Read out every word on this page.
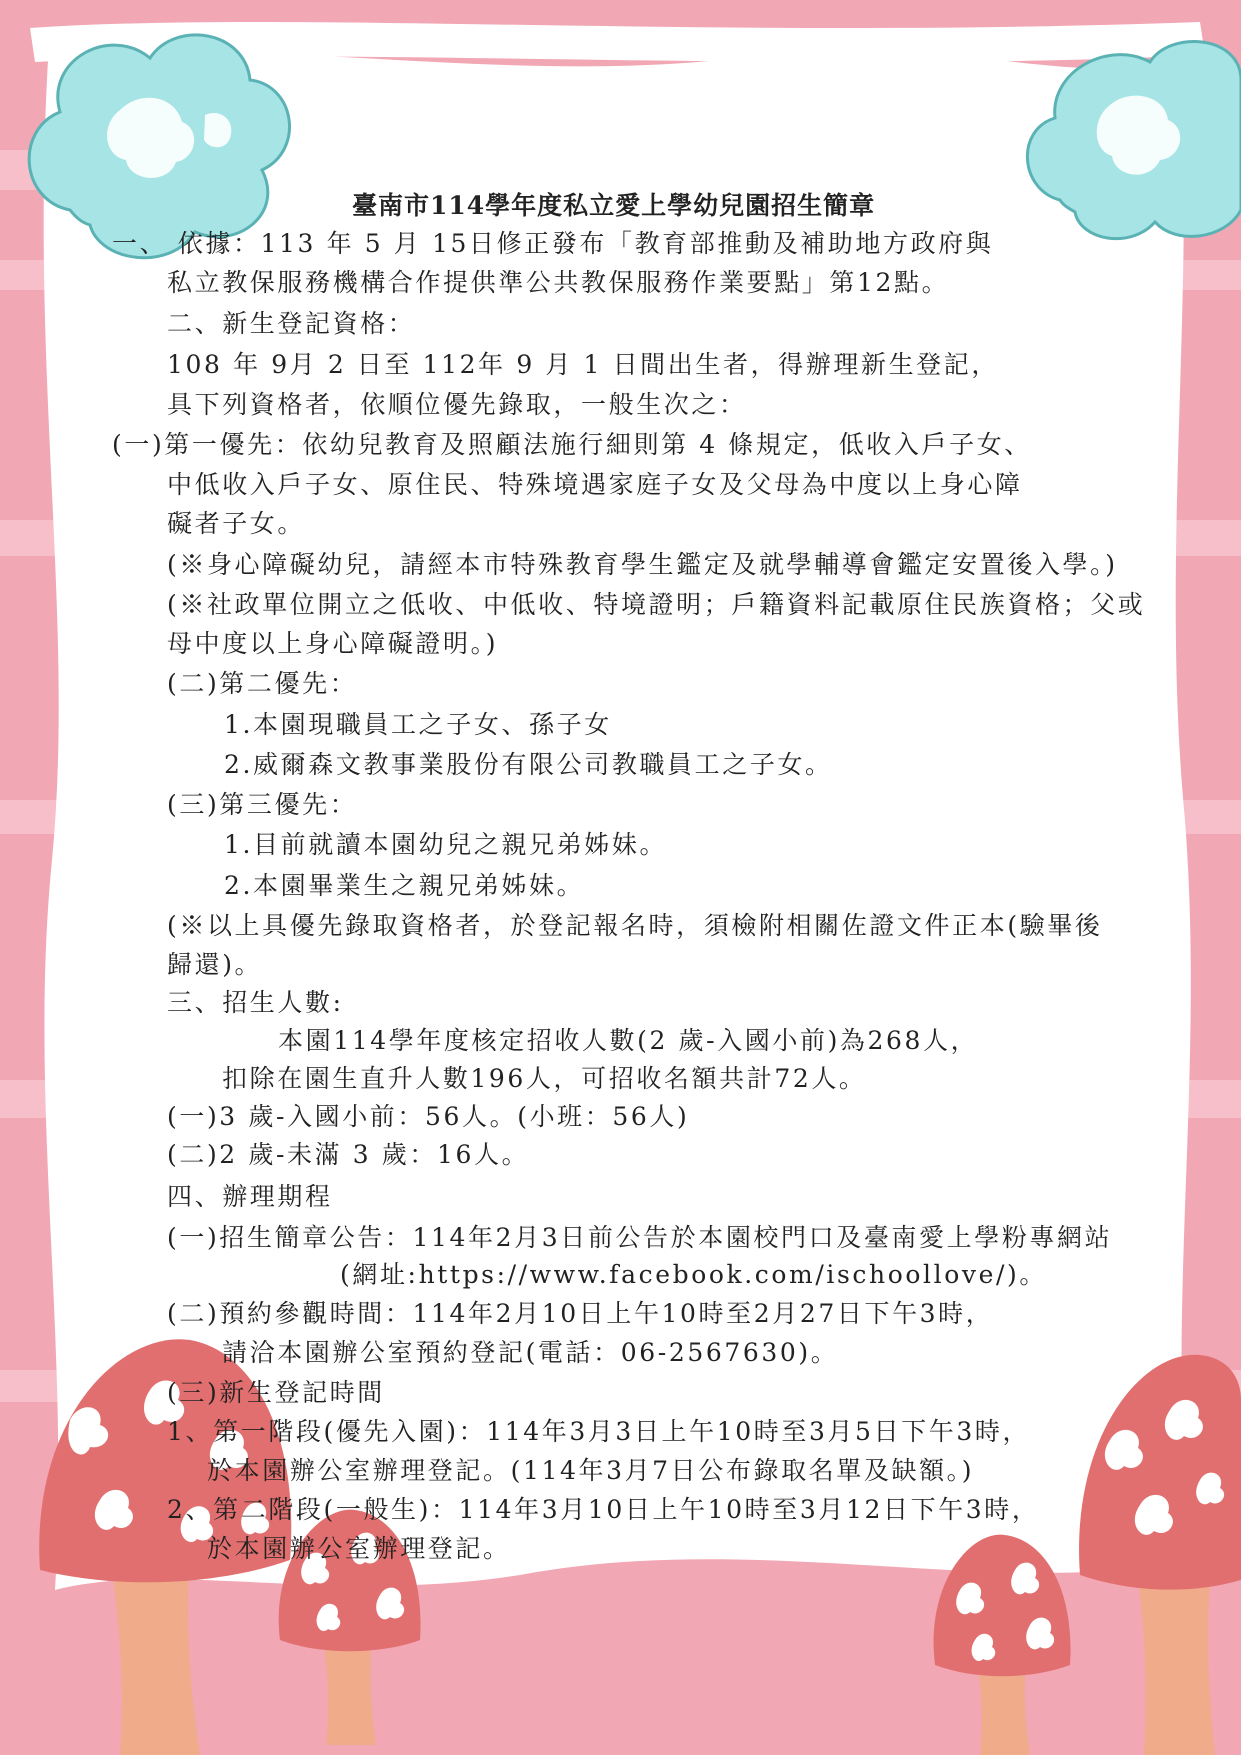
臺南市114學年度私立愛上學幼兒園招生簡章
一、 依據：113 年 5 月 15日修正發布「教育部推動及補助地方政府與
私立教保服務機構合作提供準公共教保服務作業要點」第12點。
二、新生登記資格：
108 年 9月 2 日至 112年 9 月 1 日間出生者，得辦理新生登記，
具下列資格者，依順位優先錄取，一般生次之：
(一)第一優先：依幼兒教育及照顧法施行細則第 4 條規定，低收入戶子女、
中低收入戶子女、原住民、特殊境遇家庭子女及父母為中度以上身心障
礙者子女。
(※身心障礙幼兒，請經本市特殊教育學生鑑定及就學輔導會鑑定安置後入學。)
(※社政單位開立之低收、中低收、特境證明；戶籍資料記載原住民族資格；父或
母中度以上身心障礙證明。)
(二)第二優先：
1.本園現職員工之子女、孫子女
2.威爾森文教事業股份有限公司教職員工之子女。
(三)第三優先：
1.目前就讀本園幼兒之親兄弟姊妹。
2.本園畢業生之親兄弟姊妹。
(※以上具優先錄取資格者，於登記報名時，須檢附相關佐證文件正本(驗畢後
歸還)。
三、招生人數:
本園114學年度核定招收人數(2 歲-入國小前)為268人，
扣除在園生直升人數196人，可招收名額共計72人。
(一)3 歲-入國小前：56人。(小班：56人)
(二)2 歲-未滿 3 歲：16人。
四、辦理期程
(一)招生簡章公告：114年2月3日前公告於本園校門口及臺南愛上學粉專網站
(網址:https://www.facebook.com/ischoollove/)。
(二)預約參觀時間：114年2月10日上午10時至2月27日下午3時，
請洽本園辦公室預約登記(電話：06-2567630)。
(三)新生登記時間
1、第一階段(優先入園)：114年3月3日上午10時至3月5日下午3時，
於本園辦公室辦理登記。(114年3月7日公布錄取名單及缺額。)
2、第二階段(一般生)：114年3月10日上午10時至3月12日下午3時，
於本園辦公室辦理登記。
